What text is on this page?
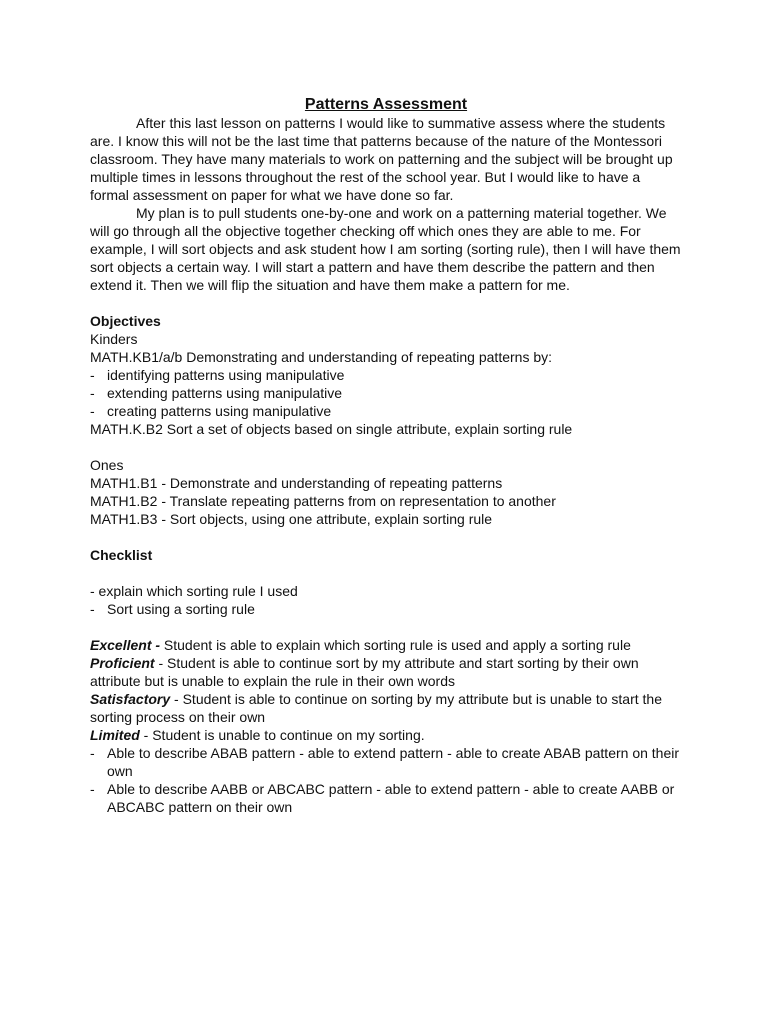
Patterns Assessment

After this last lesson on patterns I would like to summative assess where the students are. I know this will not be the last time that patterns because of the nature of the Montessori classroom. They have many materials to work on patterning and the subject will be brought up multiple times in lessons throughout the rest of the school year. But I would like to have a formal assessment on paper for what we have done so far.

My plan is to pull students one-by-one and work on a patterning material together. We will go through all the objective together checking off which ones they are able to me. For example, I will sort objects and ask student how I am sorting (sorting rule), then I will have them sort objects a certain way. I will start a pattern and have them describe the pattern and then extend it. Then we will flip the situation and have them make a pattern for me.

Objectives

Kinders

MATH.KB1/a/b Demonstrating and understanding of repeating patterns by:

- identifying patterns using manipulative
- extending patterns using manipulative
- creating patterns using manipulative

MATH.K.B2 Sort a set of objects based on single attribute, explain sorting rule

Ones

MATH1.B1 - Demonstrate and understanding of repeating patterns

MATH1.B2 - Translate repeating patterns from on representation to another

MATH1.B3 - Sort objects, using one attribute, explain sorting rule

Checklist

- explain which sorting rule I used

- Sort using a sorting rule

Excellent - Student is able to explain which sorting rule is used and apply a sorting rule

Proficient - Student is able to continue sort by my attribute and start sorting by their own attribute but is unable to explain the rule in their own words

Satisfactory - Student is able to continue on sorting by my attribute but is unable to start the sorting process on their own

Limited - Student is unable to continue on my sorting.

- Able to describe ABAB pattern - able to extend pattern - able to create ABAB pattern on their own
- Able to describe AABB or ABCABC pattern - able to extend pattern - able to create AABB or ABCABC pattern on their own
